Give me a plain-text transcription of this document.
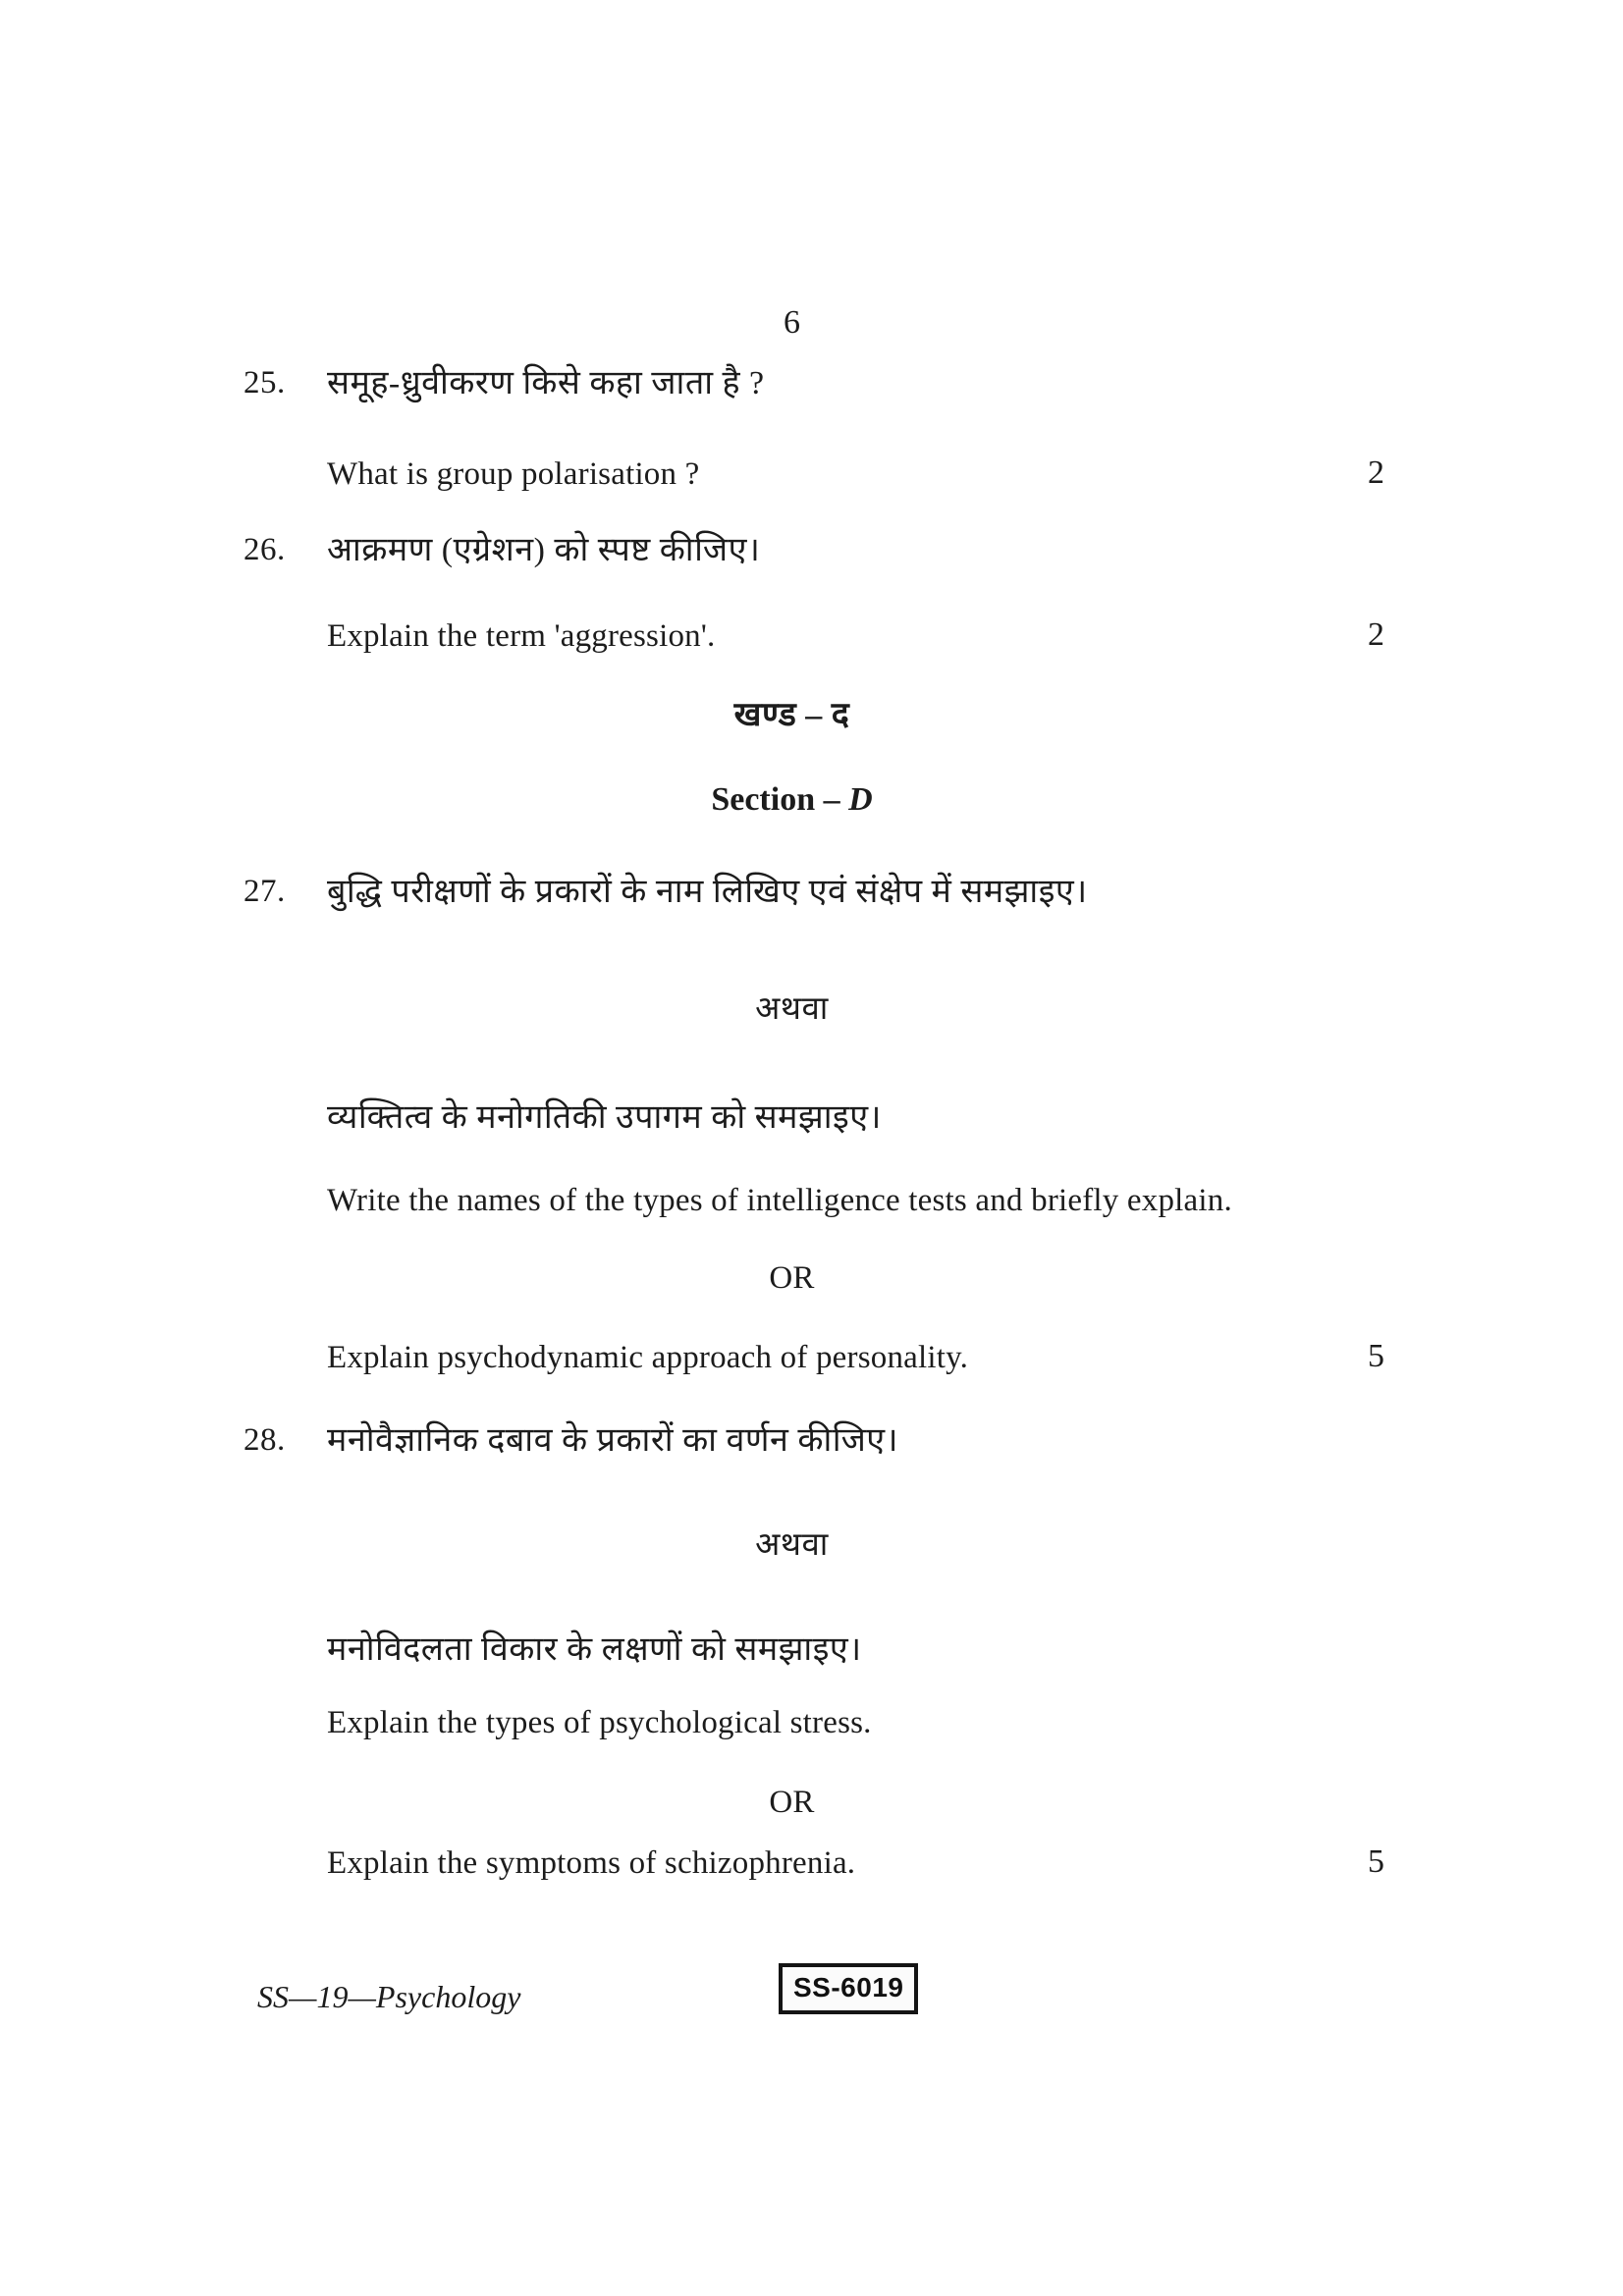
6
25. समूह-ध्रुवीकरण किसे कहा जाता है ?
What is group polarisation ?	2
26. आक्रमण (एग्रेशन) को स्पष्ट कीजिए।
Explain the term 'aggression'.	2
खण्ड – द
Section – D
27. बुद्धि परीक्षणों के प्रकारों के नाम लिखिए एवं संक्षेप में समझाइए।
अथवा
व्यक्तित्व के मनोगतिकी उपागम को समझाइए।
Write the names of the types of intelligence tests and briefly explain.
OR
Explain psychodynamic approach of personality.	5
28. मनोवैज्ञानिक दबाव के प्रकारों का वर्णन कीजिए।
अथवा
मनोविदलता विकार के लक्षणों को समझाइए।
Explain the types of psychological stress.
OR
Explain the symptoms of schizophrenia.	5
SS—19—Psychology	SS-6019
